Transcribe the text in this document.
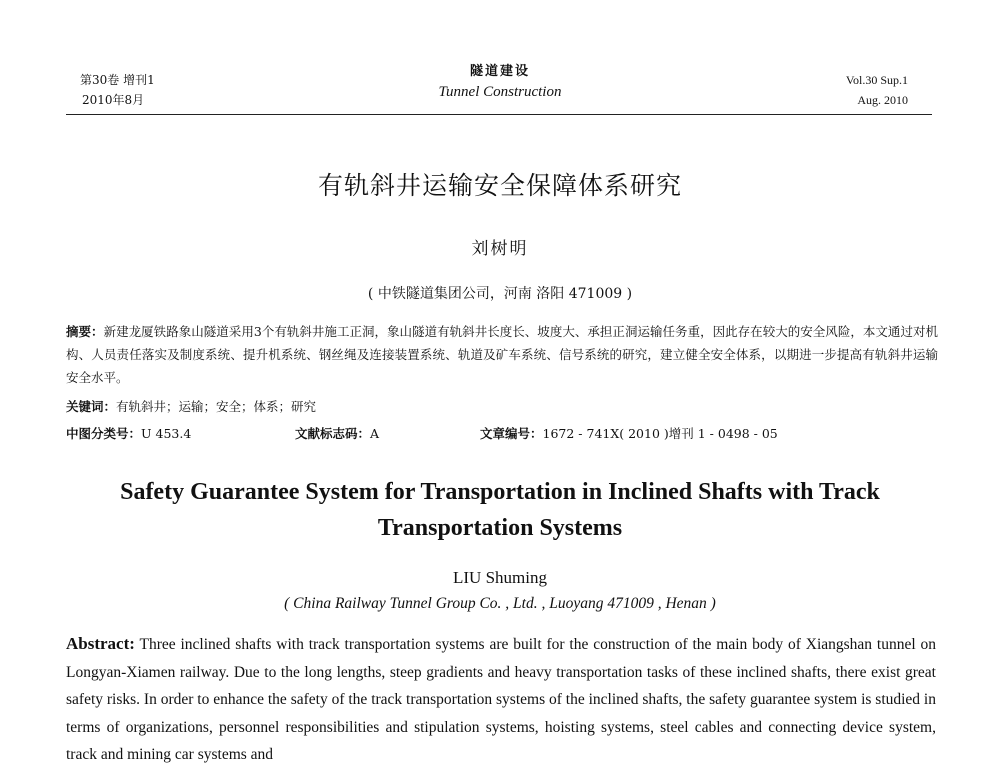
第30卷 增刊1
2010年8月
隧道建设
Tunnel Construction
Vol.30 Sup.1
Aug. 2010
有轨斜井运输安全保障体系研究
刘树明
( 中铁隧道集团公司，河南 洛阳 471009 )
摘要：新建龙厦铁路象山隧道采用3个有轨斜井施工正洞，象山隧道有轨斜井长度长、坡度大、承担正洞运输任务重，因此存在较大的安全风险，本文通过对机构、人员责任落实及制度系统、提升机系统、钢丝绳及连接装置系统、轨道及矿车系统、信号系统的研究，建立健全安全体系，以期进一步提高有轨斜井运输安全水平。
关键词：有轨斜井；运输；安全；体系；研究
中图分类号：U 453.4	文献标志码：A	文章编号：1672 - 741X( 2010 )增刊 1 - 0498 - 05
Safety Guarantee System for Transportation in Inclined Shafts with Track Transportation Systems
LIU Shuming
( China Railway Tunnel Group Co. , Ltd. , Luoyang 471009 , Henan )
Abstract: Three inclined shafts with track transportation systems are built for the construction of the main body of Xiangshan tunnel on Longyan-Xiamen railway. Due to the long lengths, steep gradients and heavy transportation tasks of these inclined shafts, there exist great safety risks. In order to enhance the safety of the track transportation systems of the inclined shafts, the safety guarantee system is studied in terms of organizations, personnel responsibilities and stipulation systems, hoisting systems, steel cables and connecting device system, track and mining car systems and
